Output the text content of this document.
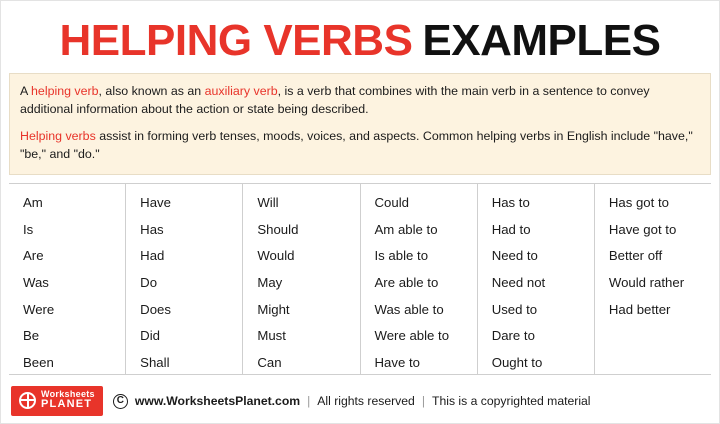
HELPING VERBS EXAMPLES

A helping verb, also known as an auxiliary verb, is a verb that combines with the main verb in a sentence to convey additional information about the action or state being described.

Helping verbs assist in forming verb tenses, moods, voices, and aspects. Common helping verbs in English include "have," "be," and "do."

Am
Is
Are
Was
Were
Be
Been
Have
Has
Had
Do
Does
Did
Shall
Will
Should
Would
May
Might
Must
Can
Could
Am able to
Is able to
Are able to
Was able to
Were able to
Have to
Has to
Had to
Need to
Need not
Used to
Dare to
Ought to
Has got to
Have got to
Better off
Would rather
Had better
Worksheets
PLANET	C www.WorksheetsPlanet.com | All rights reserved | This is a copyrighted material
